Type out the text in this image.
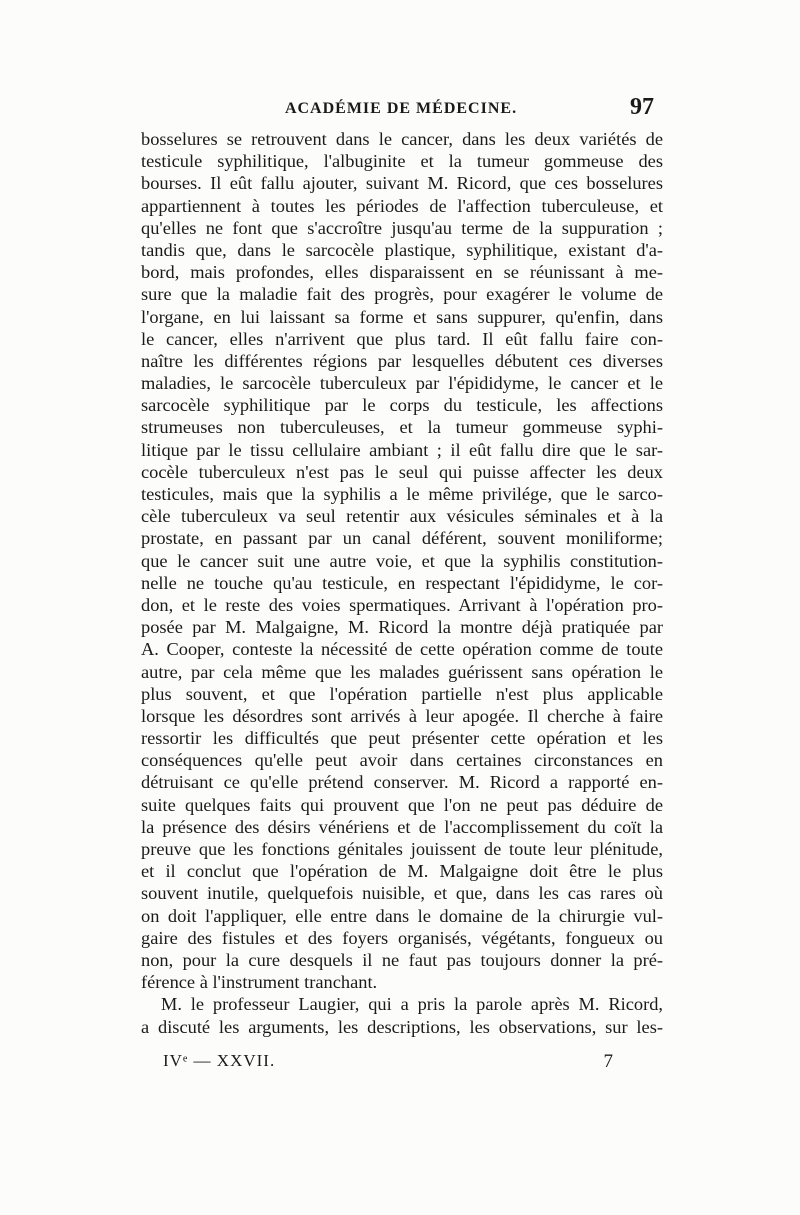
ACADÉMIE DE MÉDECINE.	97
bosselures se retrouvent dans le cancer, dans les deux variétés de
testicule syphilitique, l'albuginite et la tumeur gommeuse des
bourses. Il eût fallu ajouter, suivant M. Ricord, que ces bosselures
appartiennent à toutes les périodes de l'affection tuberculeuse, et
qu'elles ne font que s'accroître jusqu'au terme de la suppuration ;
tandis que, dans le sarcocèle plastique, syphilitique, existant d'a-
bord, mais profondes, elles disparaissent en se réunissant à me-
sure que la maladie fait des progrès, pour exagérer le volume de
l'organe, en lui laissant sa forme et sans suppurer, qu'enfin, dans
le cancer, elles n'arrivent que plus tard. Il eût fallu faire con-
naître les différentes régions par lesquelles débutent ces diverses
maladies, le sarcocèle tuberculeux par l'épididyme, le cancer et le
sarcocèle syphilitique par le corps du testicule, les affections
strumeuses non tuberculeuses, et la tumeur gommeuse syphi-
litique par le tissu cellulaire ambiant ; il eût fallu dire que le sar-
cocèle tuberculeux n'est pas le seul qui puisse affecter les deux
testicules, mais que la syphilis a le même privilége, que le sarco-
cèle tuberculeux va seul retentir aux vésicules séminales et à la
prostate, en passant par un canal déférent, souvent moniliforme;
que le cancer suit une autre voie, et que la syphilis constitution-
nelle ne touche qu'au testicule, en respectant l'épididyme, le cor-
don, et le reste des voies spermatiques. Arrivant à l'opération pro-
posée par M. Malgaigne, M. Ricord la montre déjà pratiquée par
A. Cooper, conteste la nécessité de cette opération comme de toute
autre, par cela même que les malades guérissent sans opération le
plus souvent, et que l'opération partielle n'est plus applicable
lorsque les désordres sont arrivés à leur apogée. Il cherche à faire
ressortir les difficultés que peut présenter cette opération et les
conséquences qu'elle peut avoir dans certaines circonstances en
détruisant ce qu'elle prétend conserver. M. Ricord a rapporté en-
suite quelques faits qui prouvent que l'on ne peut pas déduire de
la présence des désirs vénériens et de l'accomplissement du coït la
preuve que les fonctions génitales jouissent de toute leur plénitude,
et il conclut que l'opération de M. Malgaigne doit être le plus
souvent inutile, quelquefois nuisible, et que, dans les cas rares où
on doit l'appliquer, elle entre dans le domaine de la chirurgie vul-
gaire des fistules et des foyers organisés, végétants, fongueux ou
non, pour la cure desquels il ne faut pas toujours donner la pré-
férence à l'instrument tranchant.
M. le professeur Laugier, qui a pris la parole après M. Ricord,
a discuté les arguments, les descriptions, les observations, sur les-
IVᵉ — XXVII.	7
